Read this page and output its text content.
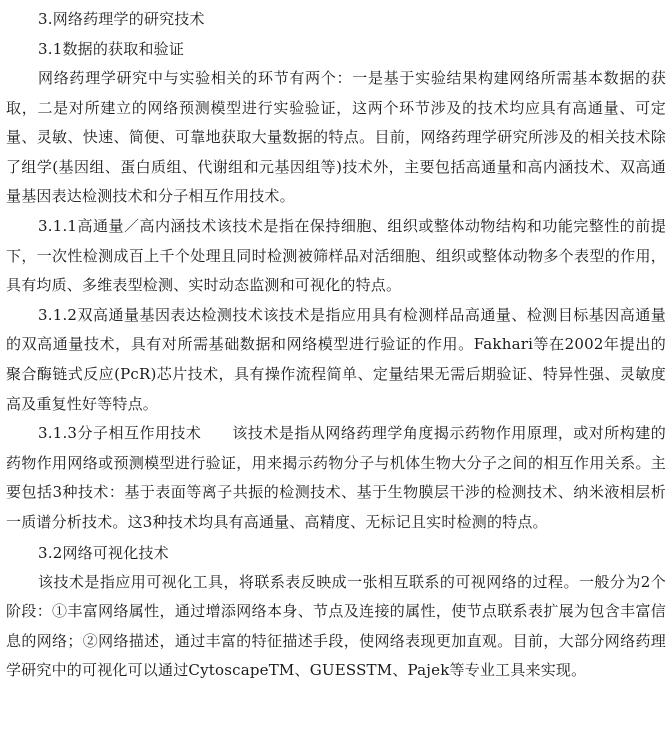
3.网络药理学的研究技术
3.1数据的获取和验证

网络药理学研究中与实验相关的环节有两个：一是基于实验结果构建网络所需基本数据的获取，二是对所建立的网络预测模型进行实验验证，这两个环节涉及的技术均应具有高通量、可定量、灵敏、快速、简便、可靠地获取大量数据的特点。目前，网络药理学研究所涉及的相关技术除了组学(基因组、蛋白质组、代谢组和元基因组等)技术外，主要包括高通量和高内涵技术、双高通量基因表达检测技术和分子相互作用技术。

3.1.1高通量／高内涵技术该技术是指在保持细胞、组织或整体动物结构和功能完整性的前提下，一次性检测成百上千个处理且同时检测被筛样品对活细胞、组织或整体动物多个表型的作用，具有均质、多维表型检测、实时动态监测和可视化的特点。

3.1.2双高通量基因表达检测技术该技术是指应用具有检测样品高通量、检测目标基因高通量的双高通量技术，具有对所需基础数据和网络模型进行验证的作用。Fakhari等在2002年提出的聚合酶链式反应(PcR)芯片技术，具有操作流程简单、定量结果无需后期验证、特异性强、灵敏度高及重复性好等特点。

3.1.3分子相互作用技术　　该技术是指从网络药理学角度揭示药物作用原理，或对所构建的药物作用网络或预测模型进行验证，用来揭示药物分子与机体生物大分子之间的相互作用关系。主要包括3种技术：基于表面等离子共振的检测技术、基于生物膜层干涉的检测技术、纳米液相层析一质谱分析技术。这3种技术均具有高通量、高精度、无标记且实时检测的特点。

3.2网络可视化技术

该技术是指应用可视化工具，将联系表反映成一张相互联系的可视网络的过程。一般分为2个阶段：①丰富网络属性，通过增添网络本身、节点及连接的属性，使节点联系表扩展为包含丰富信息的网络；②网络描述，通过丰富的特征描述手段，使网络表现更加直观。目前，大部分网络药理学研究中的可视化可以通过CytoscapeTM、GUESSTM、Pajek等专业工具来实现。
